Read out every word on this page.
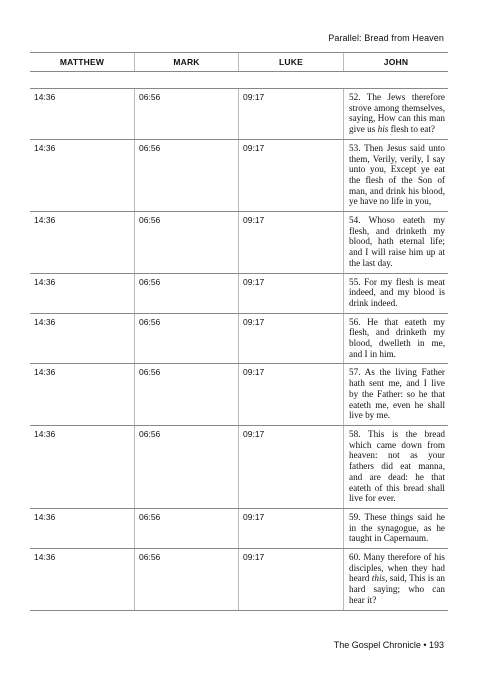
Parallel: Bread from Heaven
MATTHEW	MARK	LUKE	JOHN
14:36	06:56	09:17	52. The Jews therefore strove among themselves, saying, How can this man give us his flesh to eat?
14:36	06:56	09:17	53. Then Jesus said unto them, Verily, verily, I say unto you, Except ye eat the flesh of the Son of man, and drink his blood, ye have no life in you,
14:36	06:56	09:17	54. Whoso eateth my flesh, and drinketh my blood, hath eternal life; and I will raise him up at the last day.
14:36	06:56	09:17	55. For my flesh is meat indeed, and my blood is drink indeed.
14:36	06:56	09:17	56. He that eateth my flesh, and drinketh my blood, dwelleth in me, and I in him.
14:36	06:56	09:17	57. As the living Father hath sent me, and I live by the Father: so he that eateth me, even he shall live by me.
14:36	06:56	09:17	58. This is the bread which came down from heaven: not as your fathers did eat manna, and are dead: he that eateth of this bread shall live for ever.
14:36	06:56	09:17	59. These things said he in the synagogue, as he taught in Capernaum.
14:36	06:56	09:17	60. Many therefore of his disciples, when they had heard this, said, This is an hard saying; who can hear it?
The Gospel Chronicle • 193
